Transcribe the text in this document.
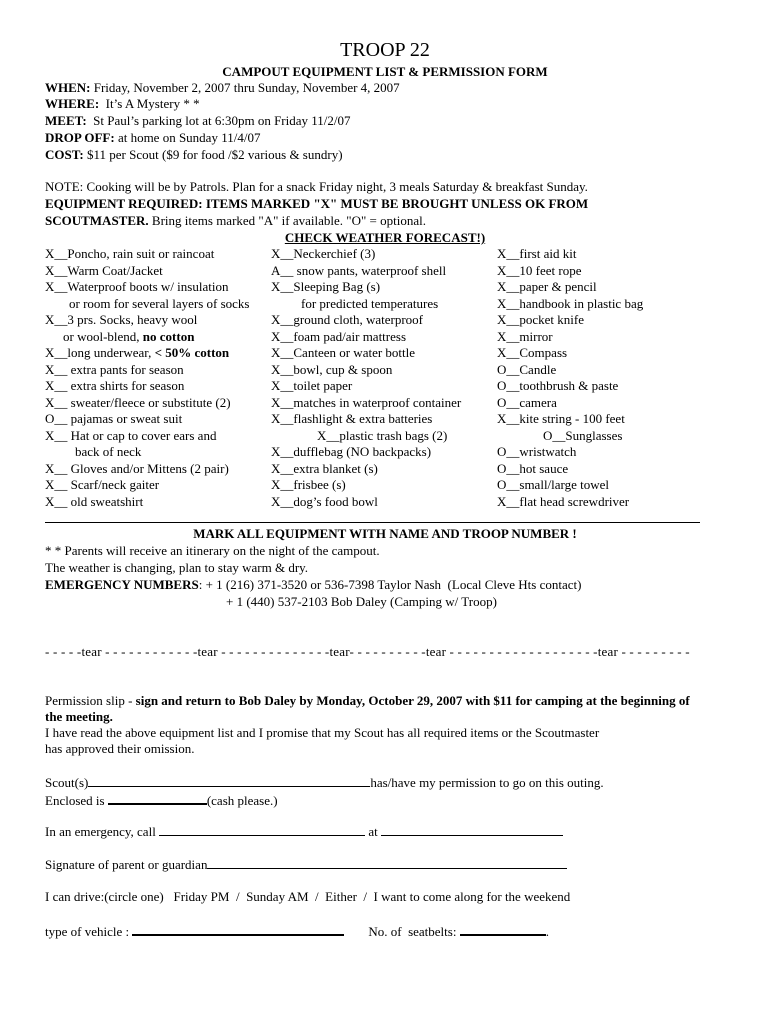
TROOP 22
CAMPOUT EQUIPMENT LIST & PERMISSION FORM
WHEN: Friday, November 2, 2007 thru Sunday, November 4, 2007
WHERE:  It’s A Mystery * *
MEET:  St Paul’s parking lot at 6:30pm on Friday 11/2/07
DROP OFF: at home on Sunday 11/4/07
COST: $11 per Scout ($9 for food /$2 various & sundry)
NOTE: Cooking will be by Patrols. Plan for a snack Friday night, 3 meals Saturday & breakfast Sunday.
EQUIPMENT REQUIRED: ITEMS MARKED "X" MUST BE BROUGHT UNLESS OK FROM
SCOUTMASTER. Bring items marked "A" if available. "O" = optional.
CHECK WEATHER FORECAST!)
X__Poncho, rain suit or raincoat
X__Warm Coat/Jacket
X__Waterproof boots w/ insulation
or room for several layers of socks
X__3 prs. Socks, heavy wool
or wool-blend, no cotton
X__long underwear, < 50% cotton
X__ extra pants for season
X__ extra shirts for season
X__ sweater/fleece or substitute (2)
O__ pajamas or sweat suit
X__ Hat or cap to cover ears and
back of neck
X__ Gloves and/or Mittens (2 pair)
X__ Scarf/neck gaiter
X__ old sweatshirt
X__Neckerchief (3)
A__ snow pants, waterproof shell
X__Sleeping Bag (s)
for predicted temperatures
X__ground cloth, waterproof
X__foam pad/air mattress
X__Canteen or water bottle
X__bowl, cup & spoon
X__toilet paper
X__matches in waterproof container
X__flashlight & extra batteries
X__plastic trash bags (2)
X__dufflebag (NO backpacks)
X__extra blanket (s)
X__frisbee (s)
X__dog’s food bowl
X__first aid kit
X__10 feet rope
X__paper & pencil
X__handbook in plastic bag
X__pocket knife
X__mirror
X__Compass
O__Candle
O__toothbrush & paste
O__camera
X__kite string - 100 feet
O__Sunglasses
O__wristwatch
O__hot sauce
O__small/large towel
X__flat head screwdriver
MARK ALL EQUIPMENT WITH NAME AND TROOP NUMBER !
* * Parents will receive an itinerary on the night of the campout.
The weather is changing, plan to stay warm & dry.
EMERGENCY NUMBERS: + 1 (216) 371-3520 or 536-7398 Taylor Nash  (Local Cleve Hts contact)
+ 1 (440) 537-2103 Bob Daley (Camping w/ Troop)
- - - - -tear - - - - - - - - - - - -tear - - - - - - - - - - - - - -tear- - - - - - - - - -tear - - - - - - - - - - - - - - - - - - -tear - - - - - - - - -
Permission slip - sign and return to Bob Daley by Monday, October 29, 2007 with $11 for camping at the beginning of
the meeting.
I have read the above equipment list and I promise that my Scout has all required items or the Scoutmaster
has approved their omission.
Scout(s)	has/have my permission to go on this outing.
Enclosed is	(cash please.)
In an emergency, call	at
Signature of parent or guardian
I can drive:(circle one)   Friday PM  /  Sunday AM  /  Either  /  I want to come along for the weekend
type of vehicle :	No. of  seatbelts:	.
